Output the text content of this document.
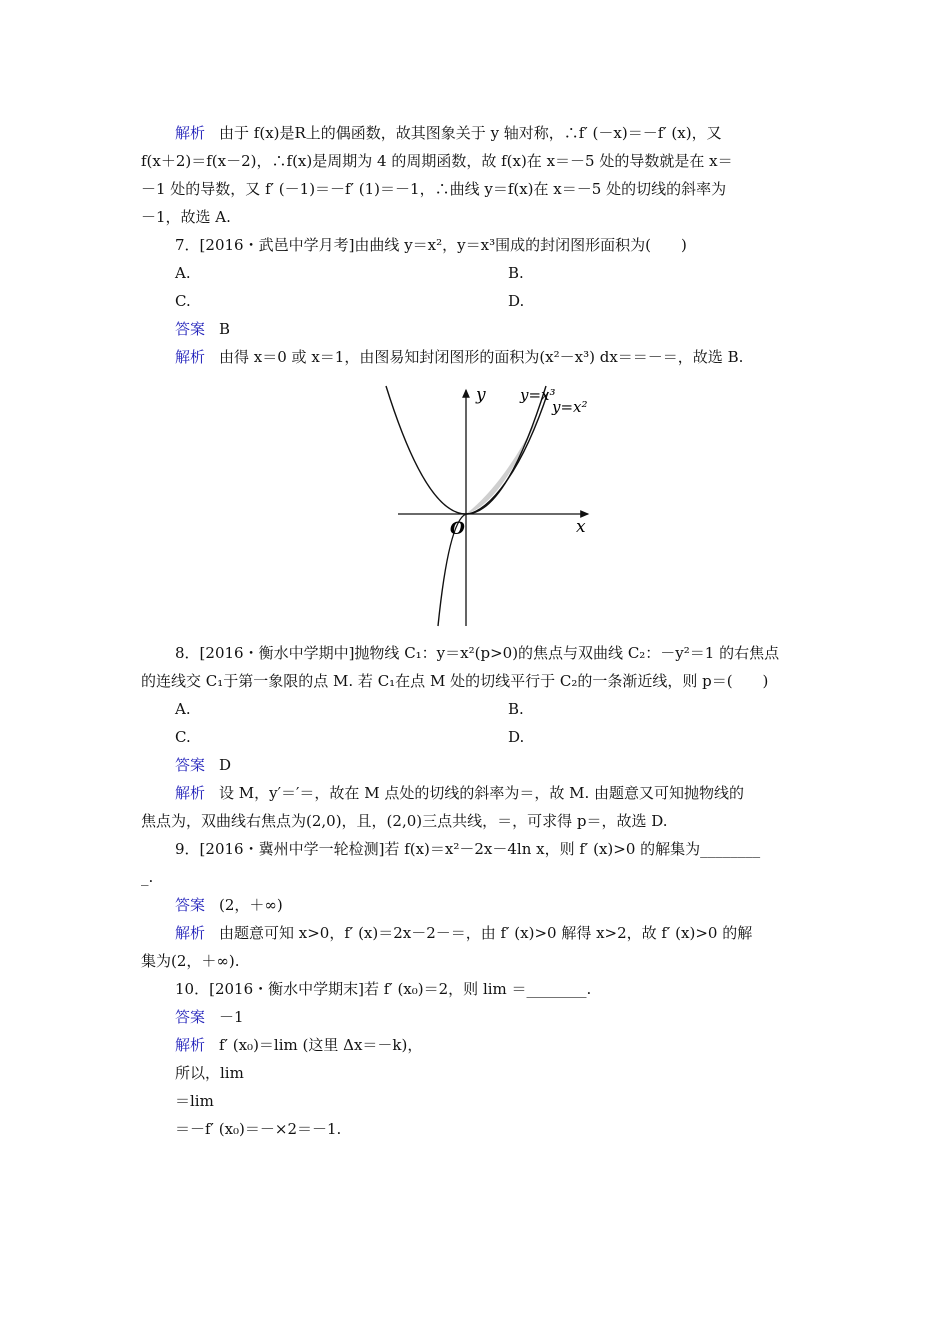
解析 由于 f(x)是R上的偶函数，故其图象关于 y 轴对称，∴f′ (－x)＝－f′ (x)，又
f(x＋2)＝f(x－2)，∴f(x)是周期为 4 的周期函数，故 f(x)在 x＝－5 处的导数就是在 x＝
－1 处的导数，又 f′ (－1)＝－f′ (1)＝－1，∴曲线 y＝f(x)在 x＝－5 处的切线的斜率为
－1，故选 A.
7．[2016・武邑中学月考]由曲线 y＝x²，y＝x³围成的封闭图形面积为(　　)
A.	B.
C.	D.
答案 B
解析 由得 x＝0 或 x＝1，由图易知封闭图形的面积为(x²－x³) dx＝＝－＝，故选 B.
y
x
O
y=x³
y=x²
8．[2016・衡水中学期中]抛物线 C₁：y＝x²(p>0)的焦点与双曲线 C₂：－y²＝1 的右焦点
的连线交 C₁于第一象限的点 M. 若 C₁在点 M 处的切线平行于 C₂的一条渐近线，则 p＝(　　)
A.	B.
C.	D.
答案 D
解析 设 M，y′＝′＝，故在 M 点处的切线的斜率为＝，故 M. 由题意又可知抛物线的
焦点为，双曲线右焦点为(2,0)，且，(2,0)三点共线，＝，可求得 p＝，故选 D.
9．[2016・冀州中学一轮检测]若 f(x)＝x²－2x－4ln x，则 f′ (x)>0 的解集为________
_.
答案 (2，＋∞)
解析 由题意可知 x>0，f′ (x)＝2x－2－＝，由 f′ (x)>0 解得 x>2，故 f′ (x)>0 的解
集为(2，＋∞).
10．[2016・衡水中学期末]若 f′ (x₀)＝2，则 lim ＝________.
答案 －1
解析 f′ (x₀)＝lim (这里 Δx＝－k)，
所以，lim
＝lim
＝－f′ (x₀)＝－×2＝－1.
